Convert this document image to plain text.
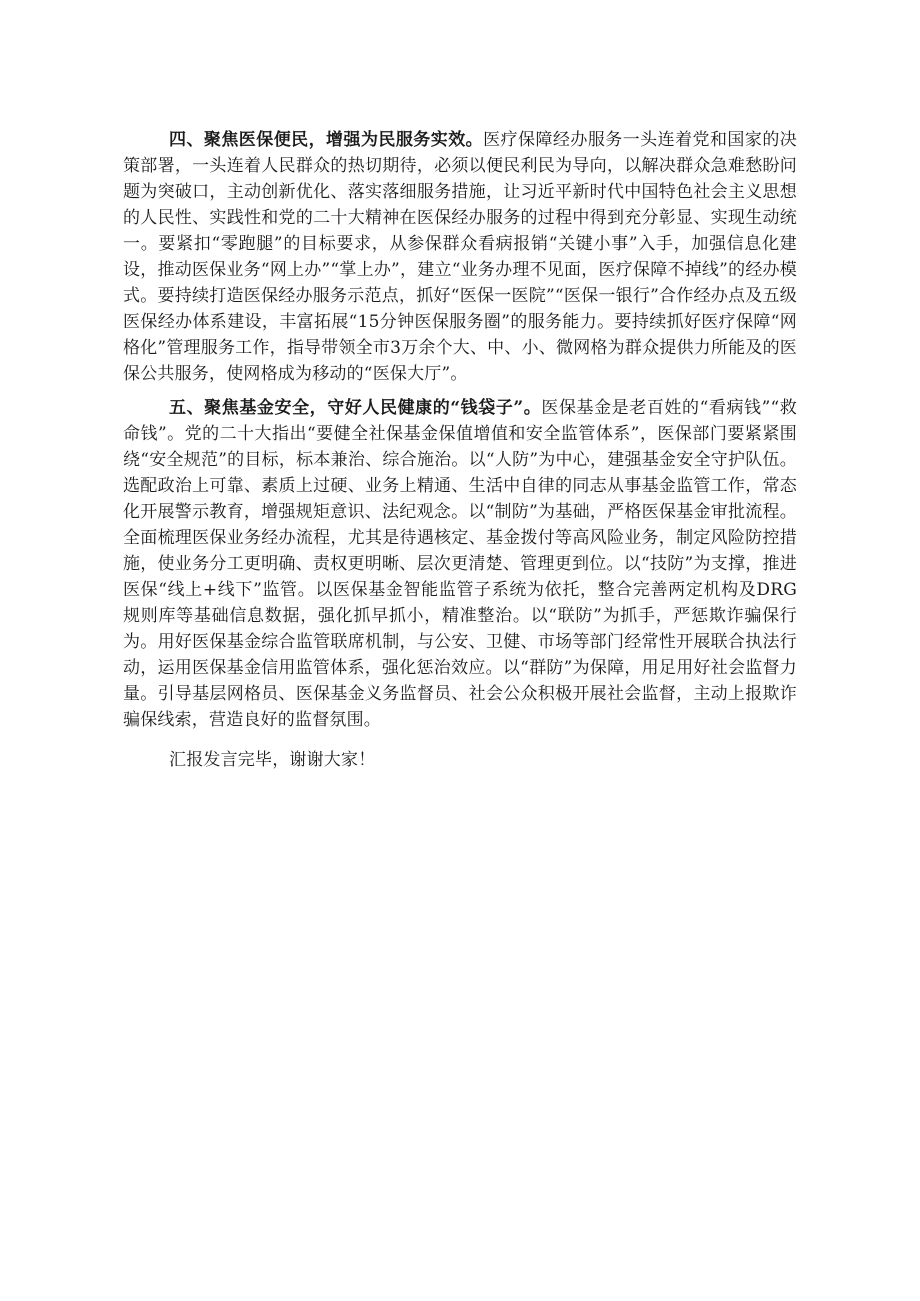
四、聚焦医保便民，增强为民服务实效。医疗保障经办服务一头连着党和国家的决策部署，一头连着人民群众的热切期待，必须以便民利民为导向，以解决群众急难愁盼问题为突破口，主动创新优化、落实落细服务措施，让习近平新时代中国特色社会主义思想的人民性、实践性和党的二十大精神在医保经办服务的过程中得到充分彰显、实现生动统一。要紧扣“零跑腿”的目标要求，从参保群众看病报销“关键小事”入手，加强信息化建设，推动医保业务“网上办”“掌上办”，建立“业务办理不见面，医疗保障不掉线”的经办模式。要持续打造医保经办服务示范点，抓好“医保一医院”“医保一银行”合作经办点及五级医保经办体系建设，丰富拓展“15分钟医保服务圈”的服务能力。要持续抓好医疗保障“网格化”管理服务工作，指导带领全市3万余个大、中、小、微网格为群众提供力所能及的医保公共服务，使网格成为移动的“医保大厅”。

五、聚焦基金安全，守好人民健康的“钱袋子”。医保基金是老百姓的“看病钱”“救命钱”。党的二十大指出“要健全社保基金保值增值和安全监管体系”，医保部门要紧紧围绕“安全规范”的目标，标本兼治、综合施治。以“人防”为中心，建强基金安全守护队伍。选配政治上可靠、素质上过硬、业务上精通、生活中自律的同志从事基金监管工作，常态化开展警示教育，增强规矩意识、法纪观念。以“制防”为基础，严格医保基金审批流程。全面梳理医保业务经办流程，尤其是待遇核定、基金拨付等高风险业务，制定风险防控措施，使业务分工更明确、责权更明晰、层次更清楚、管理更到位。以“技防”为支撑，推进医保“线上+线下”监管。以医保基金智能监管子系统为依托，整合完善两定机构及DRG规则库等基础信息数据，强化抓早抓小，精准整治。以“联防”为抓手，严惩欺诈骗保行为。用好医保基金综合监管联席机制，与公安、卫健、市场等部门经常性开展联合执法行动，运用医保基金信用监管体系，强化惩治效应。以“群防”为保障，用足用好社会监督力量。引导基层网格员、医保基金义务监督员、社会公众积极开展社会监督，主动上报欺诈骗保线索，营造良好的监督氛围。

汇报发言完毕，谢谢大家！
